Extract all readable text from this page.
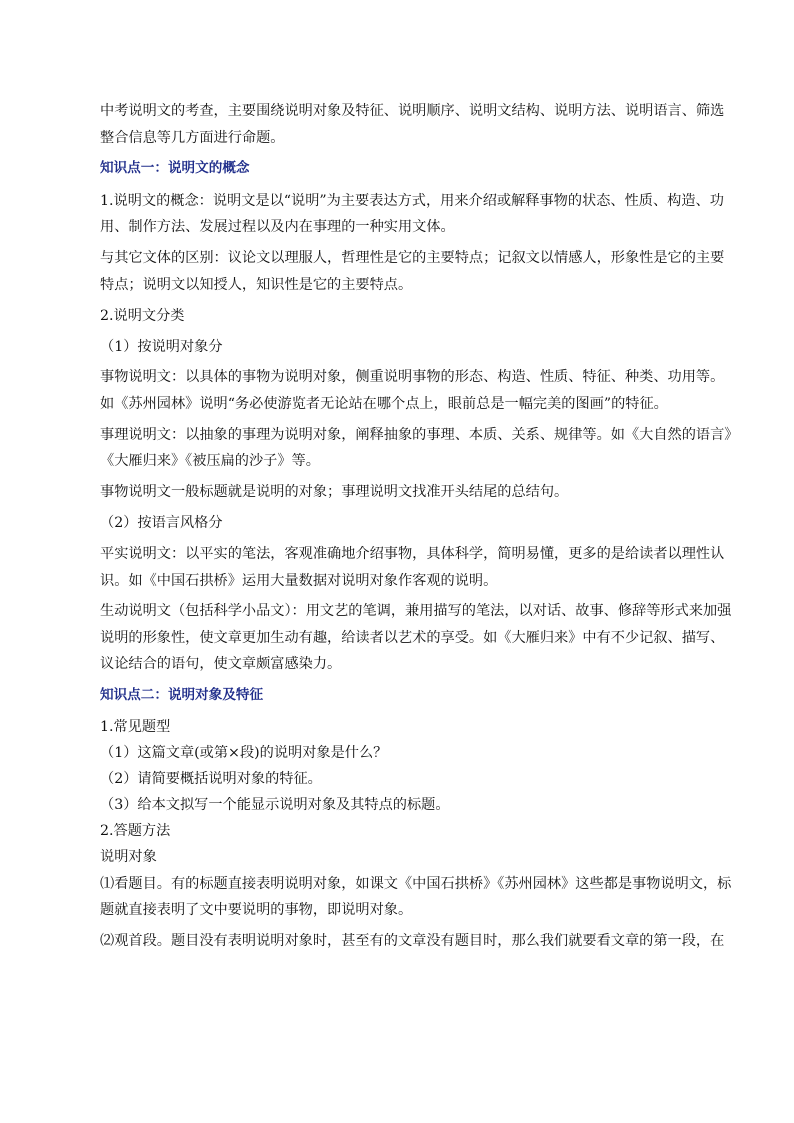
中考说明文的考查，主要围绕说明对象及特征、说明顺序、说明文结构、说明方法、说明语言、筛选整合信息等几方面进行命题。

知识点一：说明文的概念

1.说明文的概念：说明文是以“说明”为主要表达方式，用来介绍或解释事物的状态、性质、构造、功用、制作方法、发展过程以及内在事理的一种实用文体。

与其它文体的区别：议论文以理服人，哲理性是它的主要特点；记叙文以情感人，形象性是它的主要特点；说明文以知授人，知识性是它的主要特点。

2.说明文分类

（1）按说明对象分

事物说明文：以具体的事物为说明对象，侧重说明事物的形态、构造、性质、特征、种类、功用等。如《苏州园林》说明“务必使游览者无论站在哪个点上，眼前总是一幅完美的图画”的特征。

事理说明文：以抽象的事理为说明对象，阐释抽象的事理、本质、关系、规律等。如《大自然的语言》《大雁归来》《被压扁的沙子》等。

事物说明文一般标题就是说明的对象；事理说明文找准开头结尾的总结句。

（2）按语言风格分

平实说明文：以平实的笔法，客观准确地介绍事物，具体科学，简明易懂，更多的是给读者以理性认识。如《中国石拱桥》运用大量数据对说明对象作客观的说明。

生动说明文（包括科学小品文）：用文艺的笔调，兼用描写的笔法，以对话、故事、修辞等形式来加强说明的形象性，使文章更加生动有趣，给读者以艺术的享受。如《大雁归来》中有不少记叙、描写、议论结合的语句，使文章颇富感染力。

知识点二：说明对象及特征

1.常见题型

（1）这篇文章(或第×段)的说明对象是什么？

（2）请简要概括说明对象的特征。

（3）给本文拟写一个能显示说明对象及其特点的标题。

2.答题方法

说明对象

⑴看题目。有的标题直接表明说明对象，如课文《中国石拱桥》《苏州园林》这些都是事物说明文，标题就直接表明了文中要说明的事物，即说明对象。

⑵观首段。题目没有表明说明对象时，甚至有的文章没有题目时，那么我们就要看文章的第一段，在
